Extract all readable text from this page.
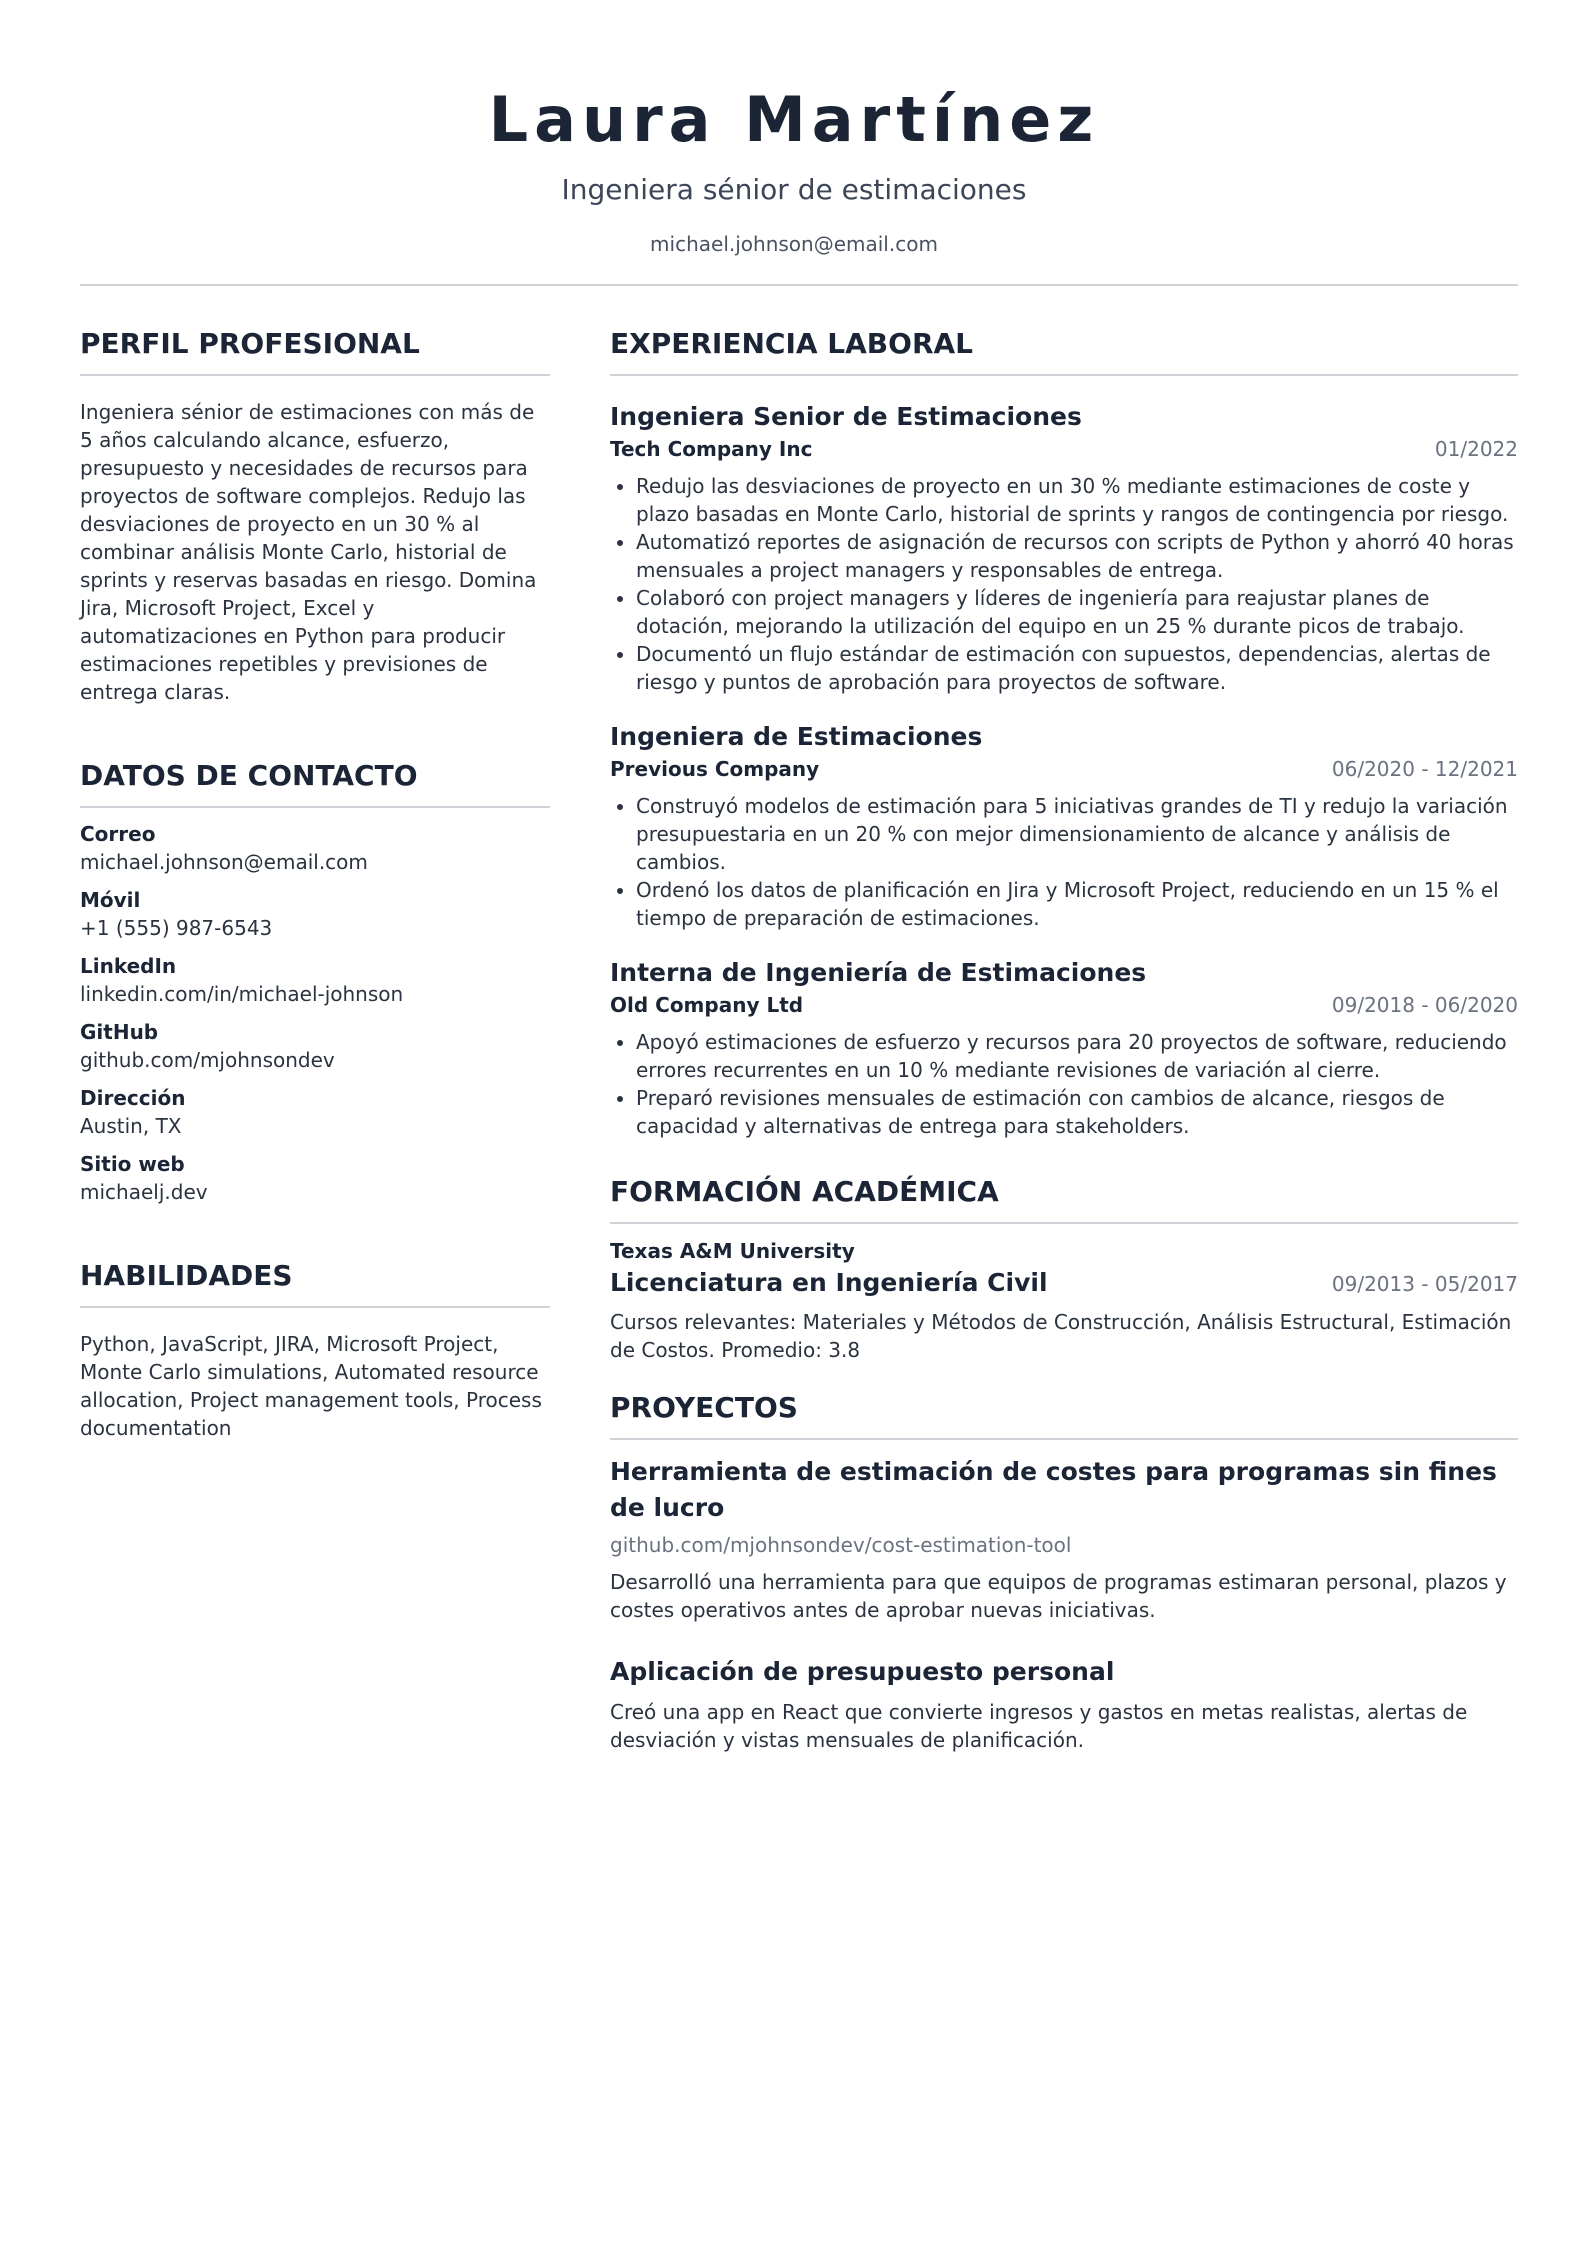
Laura Martínez
Ingeniera sénior de estimaciones
michael.johnson@email.com
PERFIL PROFESIONAL
Ingeniera sénior de estimaciones con más de 5 años calculando alcance, esfuerzo, presupuesto y necesidades de recursos para proyectos de software complejos. Redujo las desviaciones de proyecto en un 30 % al combinar análisis Monte Carlo, historial de sprints y reservas basadas en riesgo. Domina Jira, Microsoft Project, Excel y automatizaciones en Python para producir estimaciones repetibles y previsiones de entrega claras.
DATOS DE CONTACTO
Correo
michael.johnson@email.com
Móvil
+1 (555) 987-6543
LinkedIn
linkedin.com/in/michael-johnson
GitHub
github.com/mjohnsondev
Dirección
Austin, TX
Sitio web
michaelj.dev
HABILIDADES
Python, JavaScript, JIRA, Microsoft Project, Monte Carlo simulations, Automated resource allocation, Project management tools, Process documentation
EXPERIENCIA LABORAL
Ingeniera Senior de Estimaciones
Tech Company Inc	01/2022
• Redujo las desviaciones de proyecto en un 30 % mediante estimaciones de coste y plazo basadas en Monte Carlo, historial de sprints y rangos de contingencia por riesgo.
• Automatizó reportes de asignación de recursos con scripts de Python y ahorró 40 horas mensuales a project managers y responsables de entrega.
• Colaboró con project managers y líderes de ingeniería para reajustar planes de dotación, mejorando la utilización del equipo en un 25 % durante picos de trabajo.
• Documentó un flujo estándar de estimación con supuestos, dependencias, alertas de riesgo y puntos de aprobación para proyectos de software.
Ingeniera de Estimaciones
Previous Company	06/2020 - 12/2021
• Construyó modelos de estimación para 5 iniciativas grandes de TI y redujo la variación presupuestaria en un 20 % con mejor dimensionamiento de alcance y análisis de cambios.
• Ordenó los datos de planificación en Jira y Microsoft Project, reduciendo en un 15 % el tiempo de preparación de estimaciones.
Interna de Ingeniería de Estimaciones
Old Company Ltd	09/2018 - 06/2020
• Apoyó estimaciones de esfuerzo y recursos para 20 proyectos de software, reduciendo errores recurrentes en un 10 % mediante revisiones de variación al cierre.
• Preparó revisiones mensuales de estimación con cambios de alcance, riesgos de capacidad y alternativas de entrega para stakeholders.
FORMACIÓN ACADÉMICA
Texas A&M University
Licenciatura en Ingeniería Civil	09/2013 - 05/2017
Cursos relevantes: Materiales y Métodos de Construcción, Análisis Estructural, Estimación de Costos. Promedio: 3.8
PROYECTOS
Herramienta de estimación de costes para programas sin fines de lucro
github.com/mjohnsondev/cost-estimation-tool
Desarrolló una herramienta para que equipos de programas estimaran personal, plazos y costes operativos antes de aprobar nuevas iniciativas.
Aplicación de presupuesto personal
Creó una app en React que convierte ingresos y gastos en metas realistas, alertas de desviación y vistas mensuales de planificación.
